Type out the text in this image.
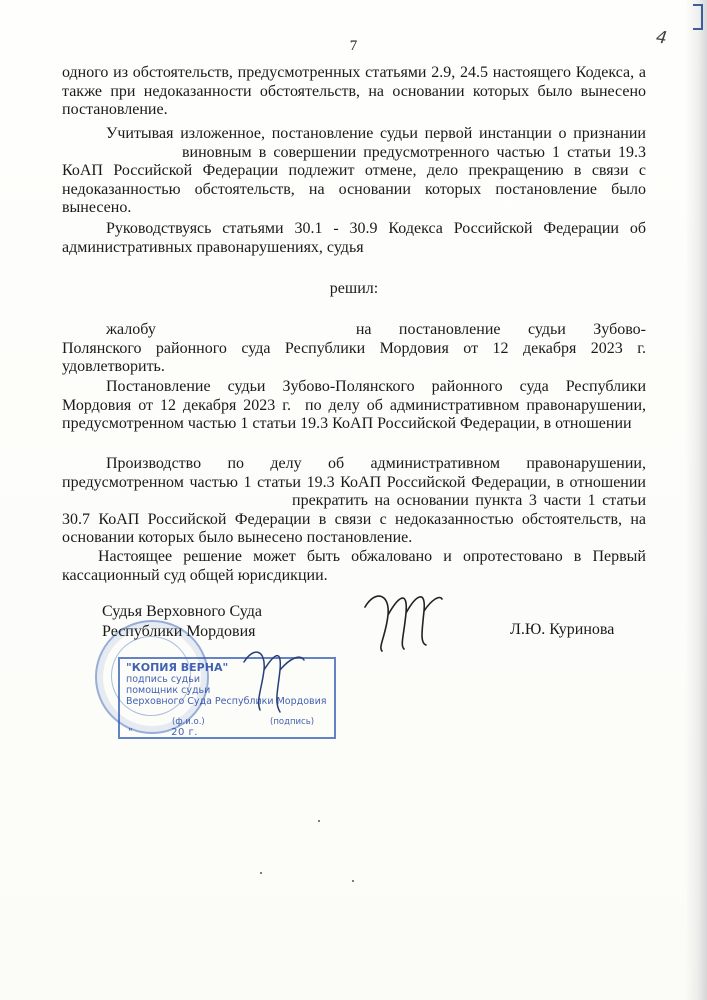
7	4

одного из обстоятельств, предусмотренных статьями 2.9, 24.5 настоящего Кодекса, а также при недоказанности обстоятельств, на основании которых было вынесено постановление.

Учитывая изложенное, постановление судьи первой инстанции о признаниивиновным в совершении предусмотренного частью 1 статьи 19.3 КоАП Российской Федерации подлежит отмене, дело прекращению в связи с недоказанностью обстоятельств, на основании которых постановление было вынесено.

Руководствуясь статьями 30.1 - 30.9 Кодекса Российской Федерации об административных правонарушениях, судья

решил:

жалобу	на постановление судьи Зубово-Полянского районного суда Республики Мордовия от 12 декабря 2023 г. удовлетворить.

Постановление судьи Зубово-Полянского районного суда Республики Мордовия от 12 декабря 2023 г. по делу об административном правонарушении, предусмотренном частью 1 статьи 19.3 КоАП Российской Федерации, в отношении

Производство по делу об административном правонарушении, предусмотренном частью 1 статьи 19.3 КоАП Российской Федерации, в отношениипрекратить на основании пункта 3 части 1 статьи 30.7 КоАП Российской Федерации в связи с недоказанностью обстоятельств, на основании которых было вынесено постановление.

Настоящее решение может быть обжаловано и опротестовано в Первый кассационный суд общей юрисдикции.

Судья Верховного Суда
Республики Мордовия	Л.Ю. Куринова
"КОПИЯ ВЕРНА"
подпись судьи
помощник судьи
Верховного Суда Республики Мордовия
(ф.и.о.)	(подпись)
"	20 г.
